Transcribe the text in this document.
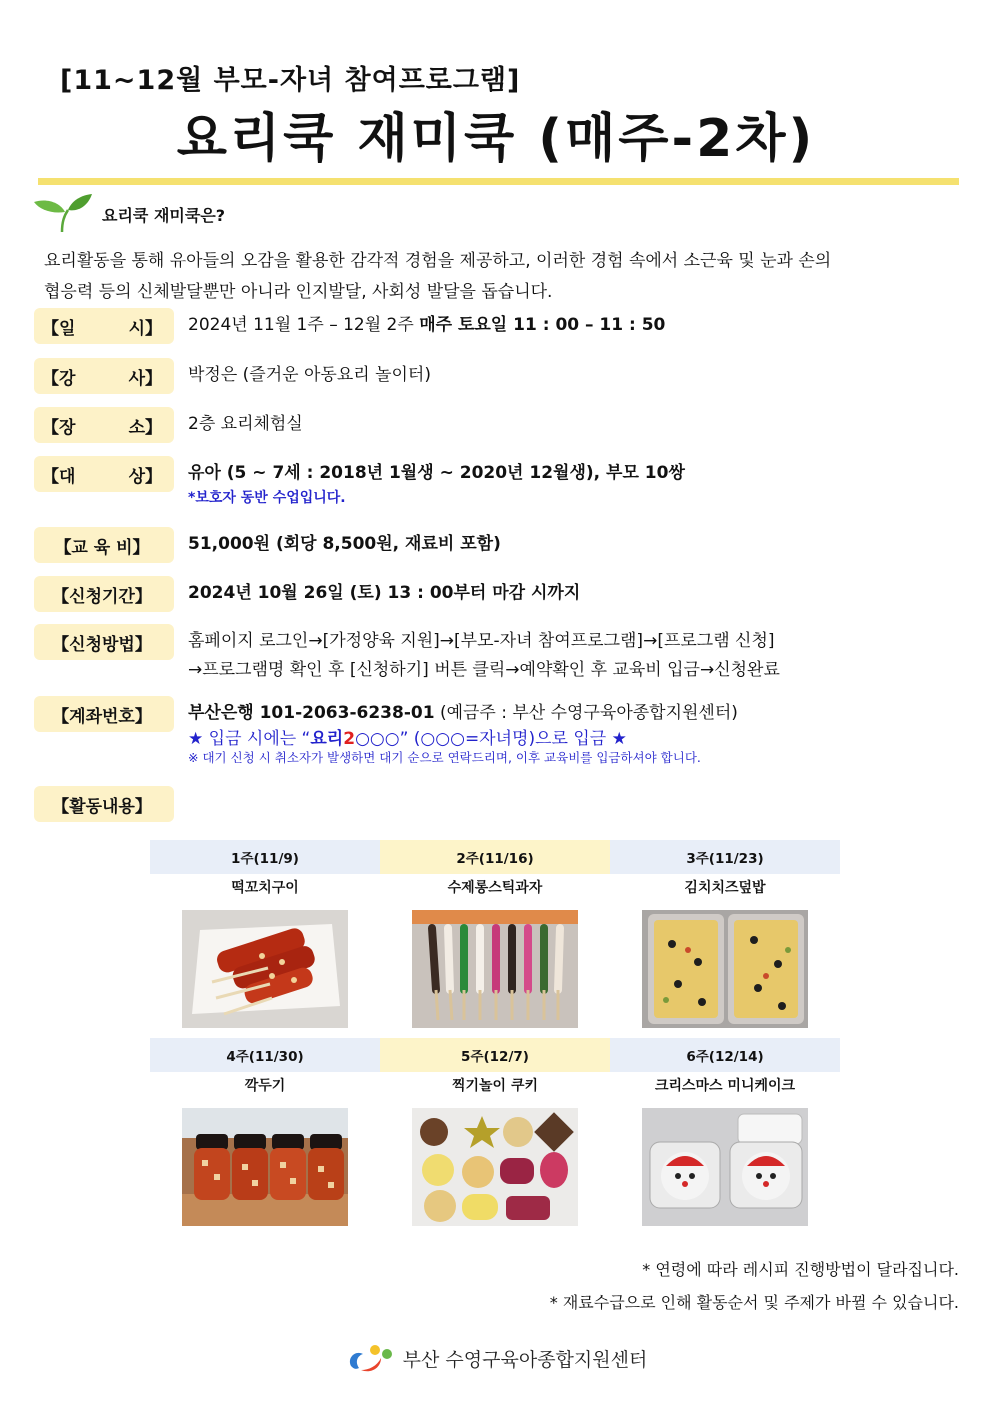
[11~12월 부모-자녀 참여프로그램]
요리쿡 재미쿡 (매주-2차)
요리쿡 재미쿡은?
요리활동을 통해 유아들의 오감을 활용한 감각적 경험을 제공하고, 이러한 경험 속에서 소근육 및 눈과 손의
협응력 등의 신체발달뿐만 아니라 인지발달, 사회성 발달을 돕습니다.
【일	시】 2024년 11월 1주 – 12월 2주 매주 토요일 11 : 00 – 11 : 50
【강	사】 박정은 (즐거운 아동요리 놀이터)
【장	소】 2층 요리체험실
【대	상】 유아 (5 ~ 7세 : 2018년 1월생 ~ 2020년 12월생), 부모 10쌍
*보호자 동반 수업입니다.
【교 육 비】	51,000원 (회당 8,500원, 재료비 포함)
【신청기간】	2024년 10월 26일 (토) 13 : 00부터 마감 시까지
【신청방법】	홈페이지 로그인→[가정양육 지원]→[부모-자녀 참여프로그램]→[프로그램 신청]
→프로그램명 확인 후 [신청하기] 버튼 클릭→예약확인 후 교육비 입금→신청완료
【계좌번호】	부산은행 101-2063-6238-01 (예금주 : 부산 수영구육아종합지원센터)
★ 입금 시에는 “요리2○○○” (○○○=자녀명)으로 입금 ★
※ 대기 신청 시 취소자가 발생하면 대기 순으로 연락드리며, 이후 교육비를 입금하셔야 합니다.
【활동내용】
1주(11/9)	2주(11/16)	3주(11/23)
떡꼬치구이	수제롱스틱과자	김치치즈덮밥
4주(11/30)	5주(12/7)	6주(12/14)
깍두기	찍기놀이 쿠키	크리스마스 미니케이크
* 연령에 따라 레시피 진행방법이 달라집니다.
* 재료수급으로 인해 활동순서 및 주제가 바뀔 수 있습니다.
부산 수영구육아종합지원센터
